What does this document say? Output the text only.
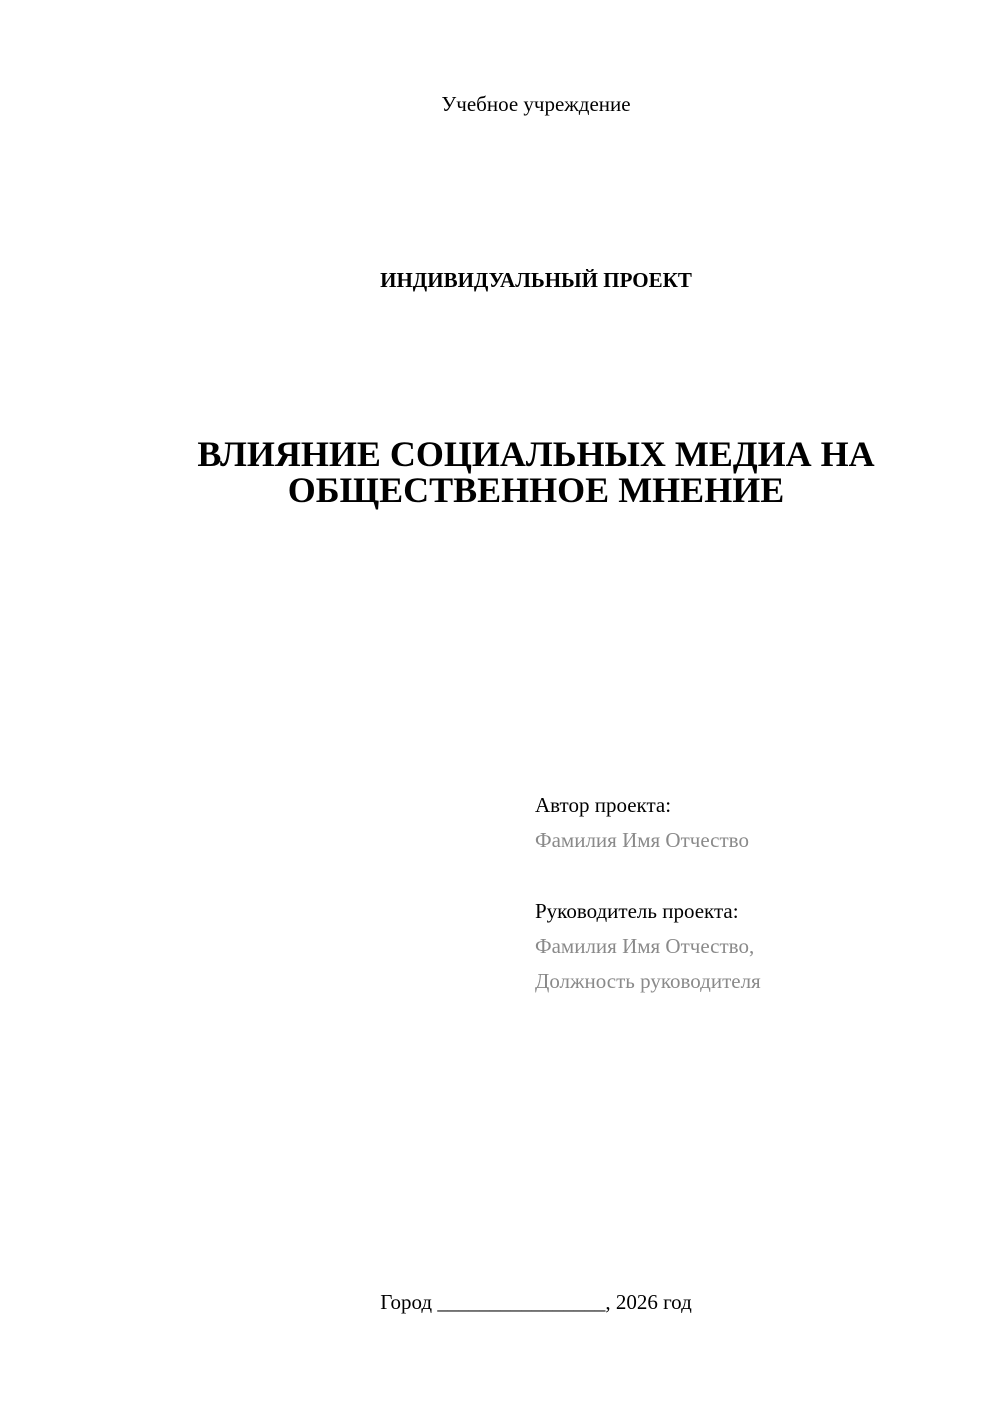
Учебное учреждение
ИНДИВИДУАЛЬНЫЙ ПРОЕКТ
ВЛИЯНИЕ СОЦИАЛЬНЫХ МЕДИА НА
ОБЩЕСТВЕННОЕ МНЕНИЕ
Автор проекта:
Фамилия Имя Отчество
Руководитель проекта:
Фамилия Имя Отчество,
Должность руководителя
Город ________________, 2026 год
